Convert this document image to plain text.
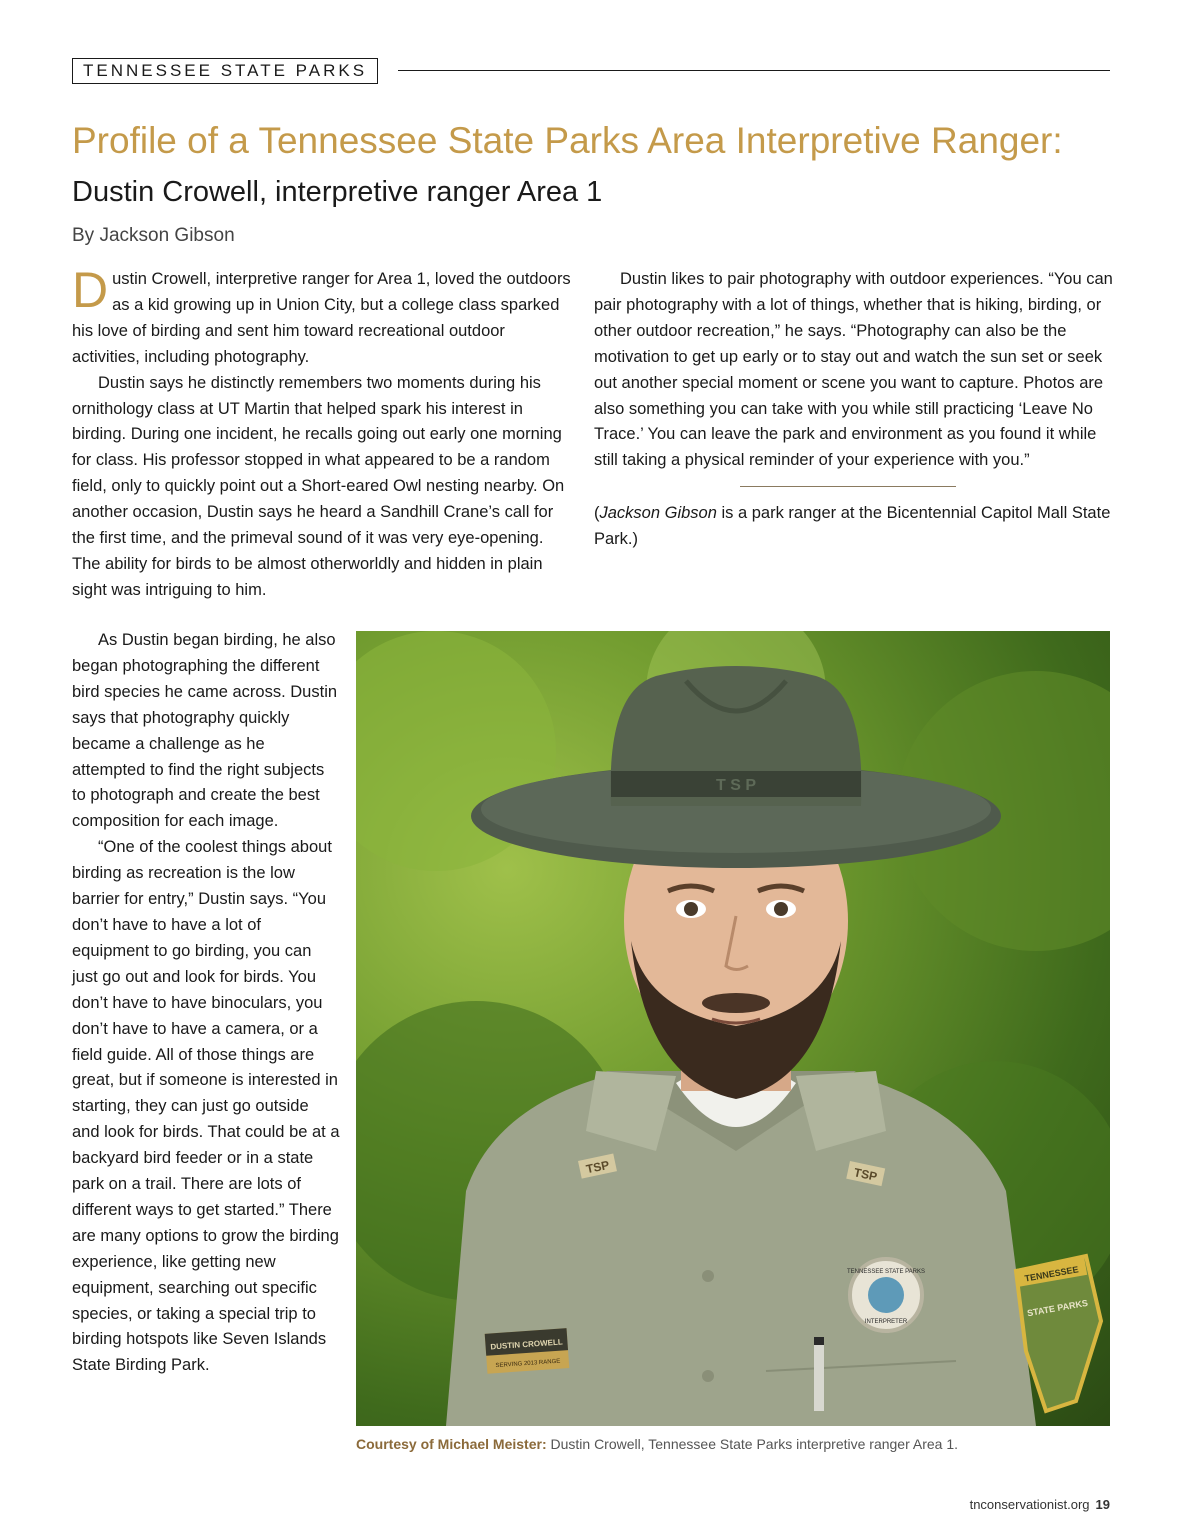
TENNESSEE STATE PARKS
Profile of a Tennessee State Parks Area Interpretive Ranger:
Dustin Crowell, interpretive ranger Area 1
By Jackson Gibson

Dustin Crowell, interpretive ranger for Area 1, loved the outdoors as a kid growing up in Union City, but a college class sparked his love of birding and sent him toward recreational outdoor activities, including photography.

Dustin says he distinctly remembers two moments during his ornithology class at UT Martin that helped spark his interest in birding. During one incident, he recalls going out early one morning for class. His professor stopped in what appeared to be a random field, only to quickly point out a Short-eared Owl nesting nearby. On another occasion, Dustin says he heard a Sandhill Crane’s call for the first time, and the primeval sound of it was very eye-opening. The ability for birds to be almost otherworldly and hidden in plain sight was intriguing to him.

As Dustin began birding, he also began photographing the different bird species he came across. Dustin says that photography quickly became a challenge as he attempted to find the right subjects to photograph and create the best composition for each image.

“One of the coolest things about birding as recreation is the low barrier for entry,” Dustin says. “You don’t have to have a lot of equipment to go birding, you can just go out and look for birds. You don’t have to have binoculars, you don’t have to have a camera, or a field guide. All of those things are great, but if someone is interested in starting, they can just go outside and look for birds. That could be at a backyard bird feeder or in a state park on a trail. There are lots of different ways to get started.” There are many options to grow the birding experience, like getting new equipment, searching out specific species, or taking a special trip to birding hotspots like Seven Islands State Birding Park.

Dustin likes to pair photography with outdoor experiences. “You can pair photography with a lot of things, whether that is hiking, birding, or other outdoor recreation,” he says. “Photography can also be the motivation to get up early or to stay out and watch the sun set or seek out another special moment or scene you want to capture. Photos are also something you can take with you while still practicing ‘Leave No Trace.’ You can leave the park and environment as you found it while still taking a physical reminder of your experience with you.”

(Jackson Gibson is a park ranger at the Bicentennial Capitol Mall State Park.)

T S P
TSP	TSP
TENNESSEE STATE PARKS
INTERPRETER
DUSTIN CROWELL
SERVING 2013 RANGE
TENNESSEE
STATE PARKS
Courtesy of Michael Meister: Dustin Crowell, Tennessee State Parks interpretive ranger Area 1.
tnconservationist.org 19
